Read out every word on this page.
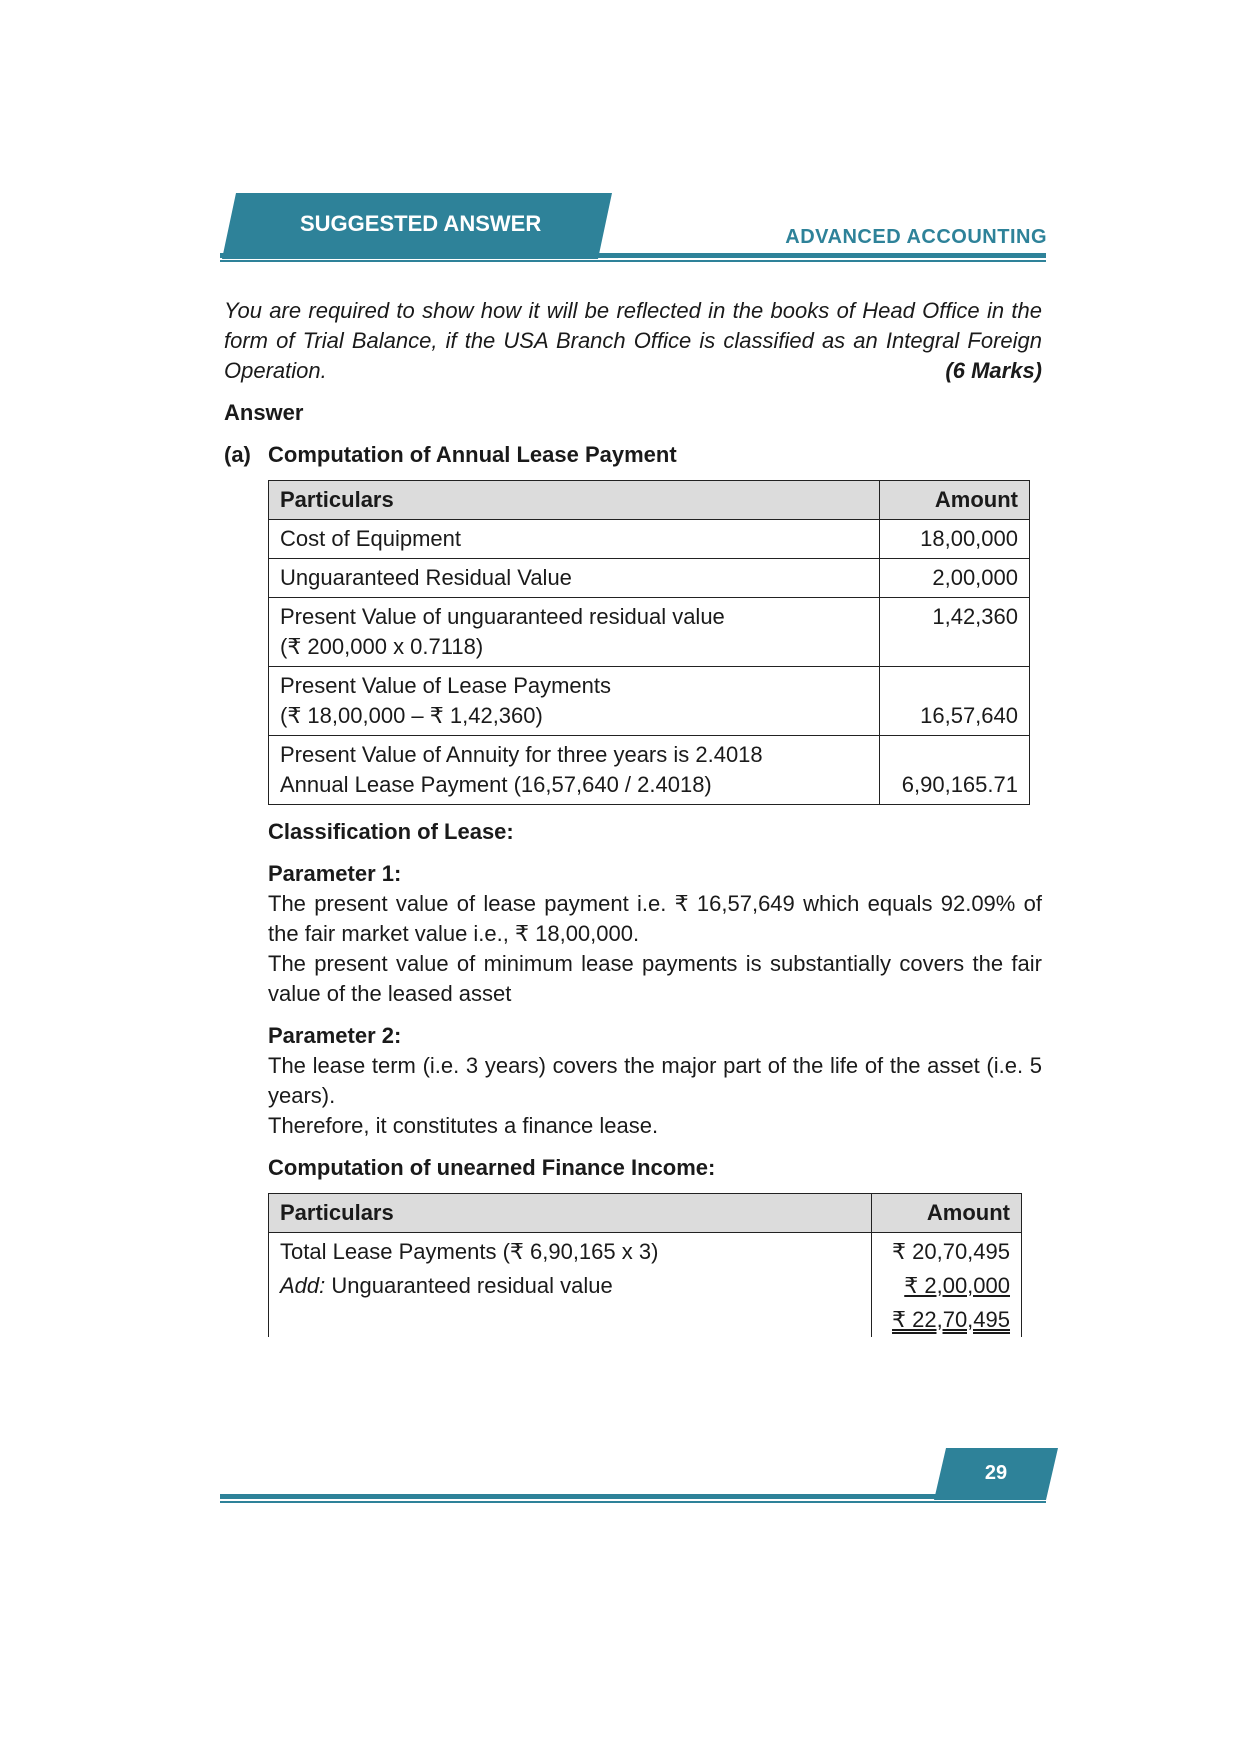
SUGGESTED ANSWER
ADVANCED ACCOUNTING

You are required to show how it will be reflected in the books of Head Office in the form of Trial Balance, if the USA Branch Office is classified as an Integral Foreign Operation.	(6 Marks)

Answer
(a) Computation of Annual Lease Payment
Particulars	Amount
Cost of Equipment	18,00,000
Unguaranteed Residual Value	2,00,000

Present Value of unguaranteed residual value
(₹ 200,000 x 0.7118)	1,42,360

Present Value of Lease Payments
(₹ 18,00,000 – ₹ 1,42,360)	16,57,640

Present Value of Annuity for three years is 2.4018
Annual Lease Payment (16,57,640 / 2.4018)	6,90,165.71
Classification of Lease:
Parameter 1:

The present value of lease payment i.e. ₹ 16,57,649 which equals 92.09% of the fair market value i.e., ₹ 18,00,000.

The present value of minimum lease payments is substantially covers the fair value of the leased asset

Parameter 2:

The lease term (i.e. 3 years) covers the major part of the life of the asset (i.e. 5 years).

Therefore, it constitutes a finance lease.

Computation of unearned Finance Income:
Particulars	Amount
Total Lease Payments (₹ 6,90,165 x 3)	₹ 20,70,495
Add: Unguaranteed residual value	₹ 2,00,000
	₹ 22,70,495
29
